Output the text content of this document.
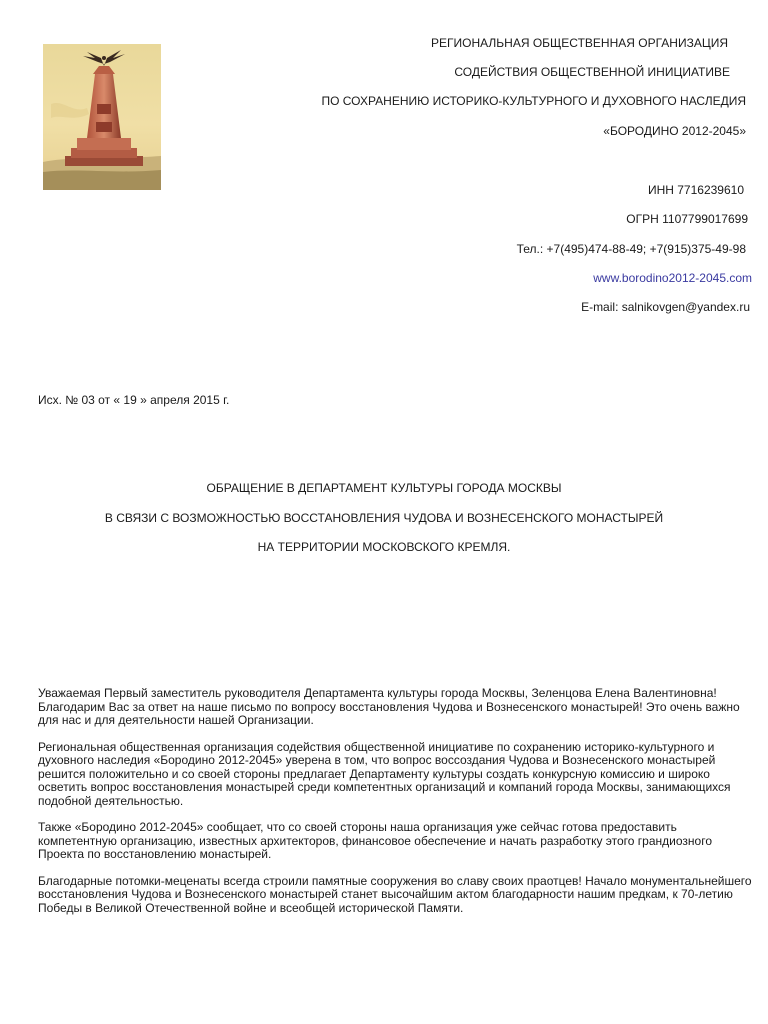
РЕГИОНАЛЬНАЯ ОБЩЕСТВЕННАЯ ОРГАНИЗАЦИЯ
СОДЕЙСТВИЯ ОБЩЕСТВЕННОЙ ИНИЦИАТИВЕ
ПО СОХРАНЕНИЮ ИСТОРИКО-КУЛЬТУРНОГО И ДУХОВНОГО НАСЛЕДИЯ
«БОРОДИНО 2012-2045»
ИНН 7716239610
ОГРН 1107799017699
Тел.: +7(495)474-88-49; +7(915)375-49-98
www.borodino2012-2045.com
E-mail: salnikovgen@yandex.ru
Исх. № 03 от « 19 » апреля 2015 г.
ОБРАЩЕНИЕ В ДЕПАРТАМЕНТ КУЛЬТУРЫ ГОРОДА МОСКВЫ
В СВЯЗИ С ВОЗМОЖНОСТЬЮ ВОССТАНОВЛЕНИЯ ЧУДОВА И ВОЗНЕСЕНСКОГО МОНАСТЫРЕЙ
НА ТЕРРИТОРИИ МОСКОВСКОГО КРЕМЛЯ.

Уважаемая Первый заместитель руководителя Департамента культуры города Москвы, Зеленцова Елена Валентиновна! Благодарим Вас за ответ на наше письмо по вопросу восстановления Чудова и Вознесенского монастырей! Это очень важно для нас и для деятельности нашей Организации.

Региональная общественная организация содействия общественной инициативе по сохранению историко-культурного и духовного наследия «Бородино 2012-2045» уверена в том, что вопрос воссоздания Чудова и Вознесенского монастырей решится положительно и со своей стороны предлагает Департаменту культуры создать конкурсную комиссию и широко осветить вопрос восстановления монастырей среди компетентных организаций и компаний города Москвы, занимающихся подобной деятельностью.

Также «Бородино 2012-2045» сообщает, что со своей стороны наша организация уже сейчас готова предоставить компетентную организацию, известных архитекторов, финансовое обеспечение и начать разработку этого грандиозного Проекта по восстановлению монастырей.

Благодарные потомки-меценаты всегда строили памятные сооружения во славу своих праотцев! Начало монументальнейшего восстановления Чудова и Вознесенского монастырей станет высочайшим актом благодарности нашим предкам, к 70-летию Победы в Великой Отечественной войне и всеобщей исторической Памяти.
